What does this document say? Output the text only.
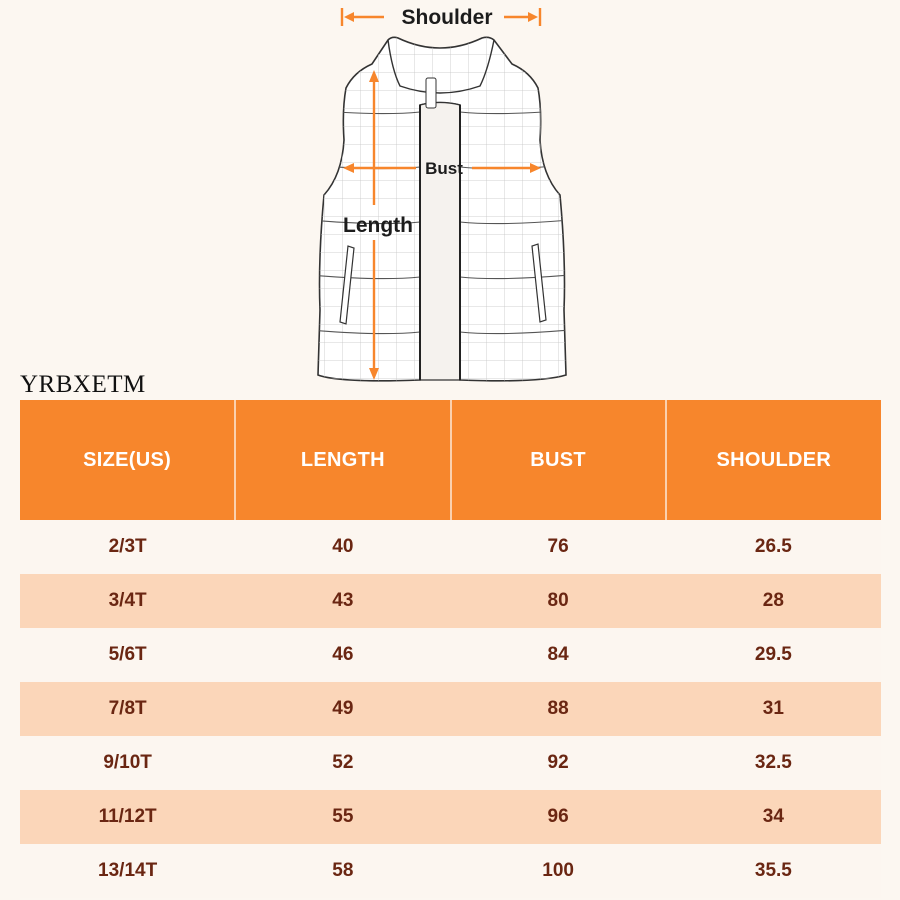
Shoulder
Bust
Length
YRBXETM
SIZE(US)	LENGTH	BUST	SHOULDER
2/3T	40	76	26.5
3/4T	43	80	28
5/6T	46	84	29.5
7/8T	49	88	31
9/10T	52	92	32.5
11/12T	55	96	34
13/14T	58	100	35.5
